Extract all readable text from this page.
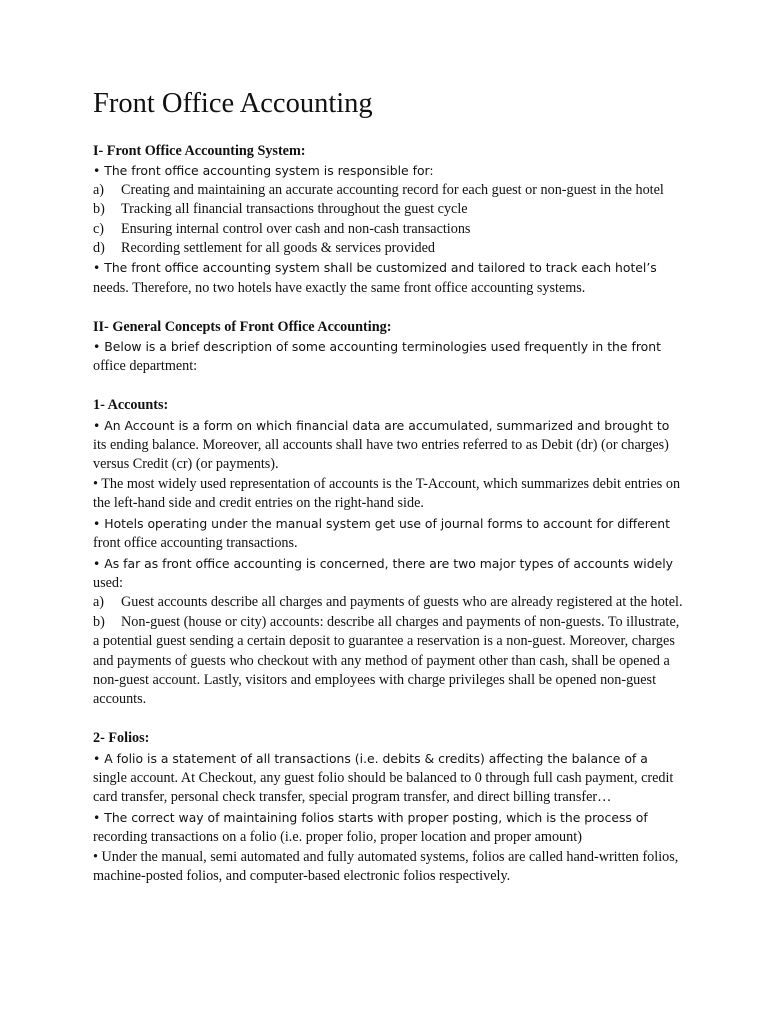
Front Office Accounting

I- Front Office Accounting System:

• The front office accounting system is responsible for:

a) Creating and maintaining an accurate accounting record for each guest or non-guest in the hotel

b) Tracking all financial transactions throughout the guest cycle

c) Ensuring internal control over cash and non-cash transactions

d) Recording settlement for all goods & services provided

• The front office accounting system shall be customized and tailored to track each hotel’s
needs. Therefore, no two hotels have exactly the same front office accounting systems.

II- General Concepts of Front Office Accounting:

• Below is a brief description of some accounting terminologies used frequently in the front
office department:

1- Accounts:

• An Account is a form on which financial data are accumulated, summarized and brought to its ending balance. Moreover, all accounts shall have two entries referred to as Debit (dr) (or charges) versus Credit (cr) (or payments).

• The most widely used representation of accounts is the T-Account, which summarizes debit entries on the left-hand side and credit entries on the right-hand side.

• Hotels operating under the manual system get use of journal forms to account for different
front office accounting transactions.

• As far as front office accounting is concerned, there are two major types of accounts widely
used:

a) Guest accounts describe all charges and payments of guests who are already registered at the hotel.

b) Non-guest (house or city) accounts: describe all charges and payments of non-guests. To illustrate, a potential guest sending a certain deposit to guarantee a reservation is a non-guest. Moreover, charges and payments of guests who checkout with any method of payment other than cash, shall be opened a non-guest account. Lastly, visitors and employees with charge privileges shall be opened non-guest accounts.

2- Folios:

• A folio is a statement of all transactions (i.e. debits & credits) affecting the balance of a single account. At Checkout, any guest folio should be balanced to 0 through full cash payment, credit card transfer, personal check transfer, special program transfer, and direct billing transfer…

• The correct way of maintaining folios starts with proper posting, which is the process of
recording transactions on a folio (i.e. proper folio, proper location and proper amount)

• Under the manual, semi automated and fully automated systems, folios are called hand-written folios, machine-posted folios, and computer-based electronic folios respectively.
